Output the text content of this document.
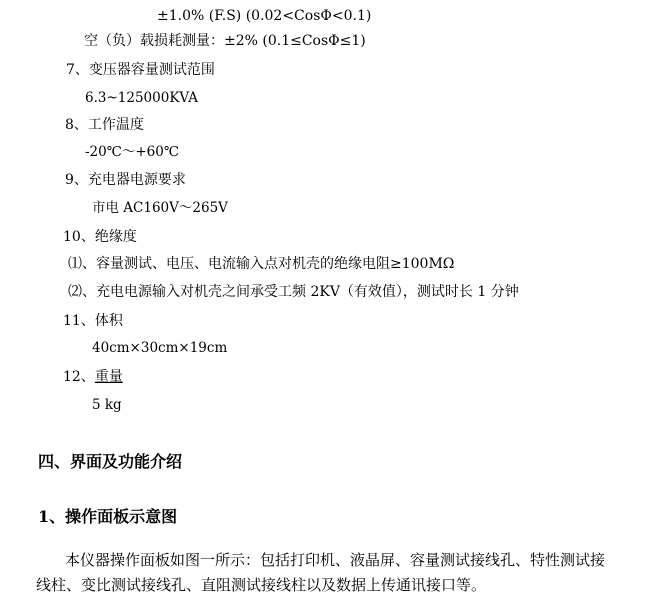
±1.0% (F.S) (0.02<CosΦ<0.1)
空（负）载损耗测量：±2% (0.1≤CosΦ≤1)
7、变压器容量测试范围
6.3~125000KVA
8、工作温度
-20℃～+60℃
9、充电器电源要求
市电 AC160V～265V
10、绝缘度
⑴、容量测试、电压、电流输入点对机壳的绝缘电阻≥100MΩ
⑵、充电电源输入对机壳之间承受工频 2KV（有效值），测试时长 1 分钟
11、体积
40cm×30cm×19cm
12、重量
5 kg
四、界面及功能介绍
1、操作面板示意图
本仪器操作面板如图一所示：包括打印机、液晶屏、容量测试接线孔、特性测试接
线柱、变比测试接线孔、直阻测试接线柱以及数据上传通讯接口等。
